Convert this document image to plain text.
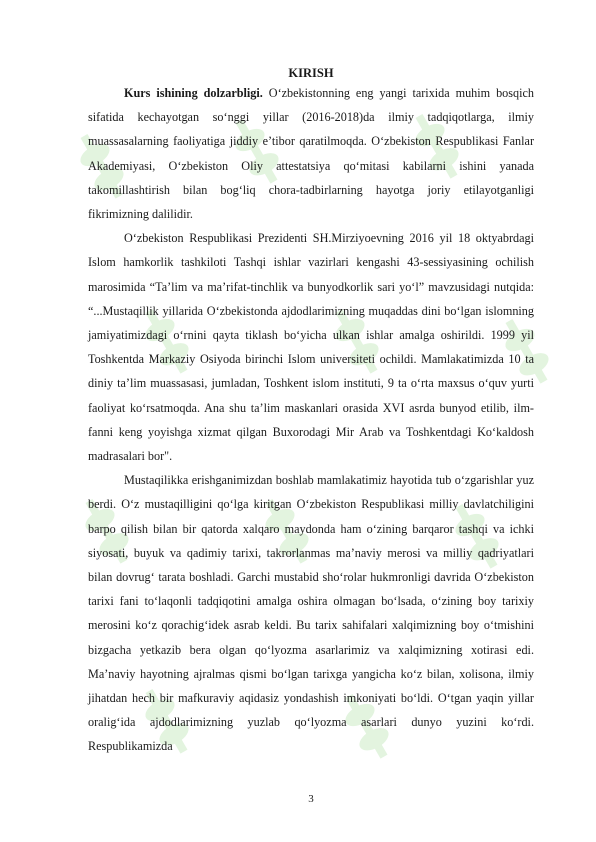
KIRISH

Kurs ishining dolzarbligi. O‘zbekistonning eng yangi tarixida muhim bosqich sifatida kechayotgan so‘nggi yillar (2016-2018)da ilmiy tadqiqotlarga, ilmiy muassasalarning faoliyatiga jiddiy e’tibor qaratilmoqda. O‘zbekiston Respublikasi Fanlar Akademiyasi, O‘zbekiston Oliy attestatsiya qo‘mitasi kabilarni ishini yanada takomillashtirish bilan bog‘liq chora-tadbirlarning hayotga joriy etilayotganligi fikrimizning dalilidir.

O‘zbekiston Respublikasi Prezidenti SH.Mirziyoevning 2016 yil 18 oktyabrdagi Islom hamkorlik tashkiloti Tashqi ishlar vazirlari kengashi 43-sessiyasining ochilish marosimida “Ta’lim va ma’rifat-tinchlik va bunyodkorlik sari yo‘l” mavzusidagi nutqida: “...Mustaqillik yillarida O‘zbekistonda ajdodlarimizning muqaddas dini bo‘lgan islomning jamiyatimizdagi o‘rnini qayta tiklash bo‘yicha ulkan ishlar amalga oshirildi. 1999 yil Toshkentda Markaziy Osiyoda birinchi Islom universiteti ochildi. Mamlakatimizda 10 ta diniy ta’lim muassasasi, jumladan, Toshkent islom instituti, 9 ta o‘rta maxsus o‘quv yurti faoliyat ko‘rsatmoqda. Ana shu ta’lim maskanlari orasida XVI asrda bunyod etilib, ilm-fanni keng yoyishga xizmat qilgan Buxorodagi Mir Arab va Toshkentdagi Ko‘kaldosh madrasalari bor".

Mustaqilikka erishganimizdan boshlab mamlakatimiz hayotida tub o‘zgarishlar yuz berdi. O‘z mustaqilligini qo‘lga kiritgan O‘zbekiston Respublikasi milliy davlatchiligini barpo qilish bilan bir qatorda xalqaro maydonda ham o‘zining barqaror tashqi va ichki siyosati, buyuk va qadimiy tarixi, takrorlanmas ma’naviy merosi va milliy qadriyatlari bilan dovrug‘ tarata boshladi. Garchi mustabid sho‘rolar hukmronligi davrida O‘zbekiston tarixi fani to‘laqonli tadqiqotini amalga oshira olmagan bo‘lsada, o‘zining boy tarixiy merosini ko‘z qorachig‘idek asrab keldi. Bu tarix sahifalari xalqimizning boy o‘tmishini bizgacha yetkazib bera olgan qo‘lyozma asarlarimiz va xalqimizning xotirasi edi. Ma’naviy hayotning ajralmas qismi bo‘lgan tarixga yangicha ko‘z bilan, xolisona, ilmiy jihatdan hech bir mafkuraviy aqidasiz yondashish imkoniyati bo‘ldi. O‘tgan yaqin yillar oralig‘ida ajdodlarimizning yuzlab qo‘lyozma asarlari dunyo yuzini ko‘rdi. Respublikamizda

3
